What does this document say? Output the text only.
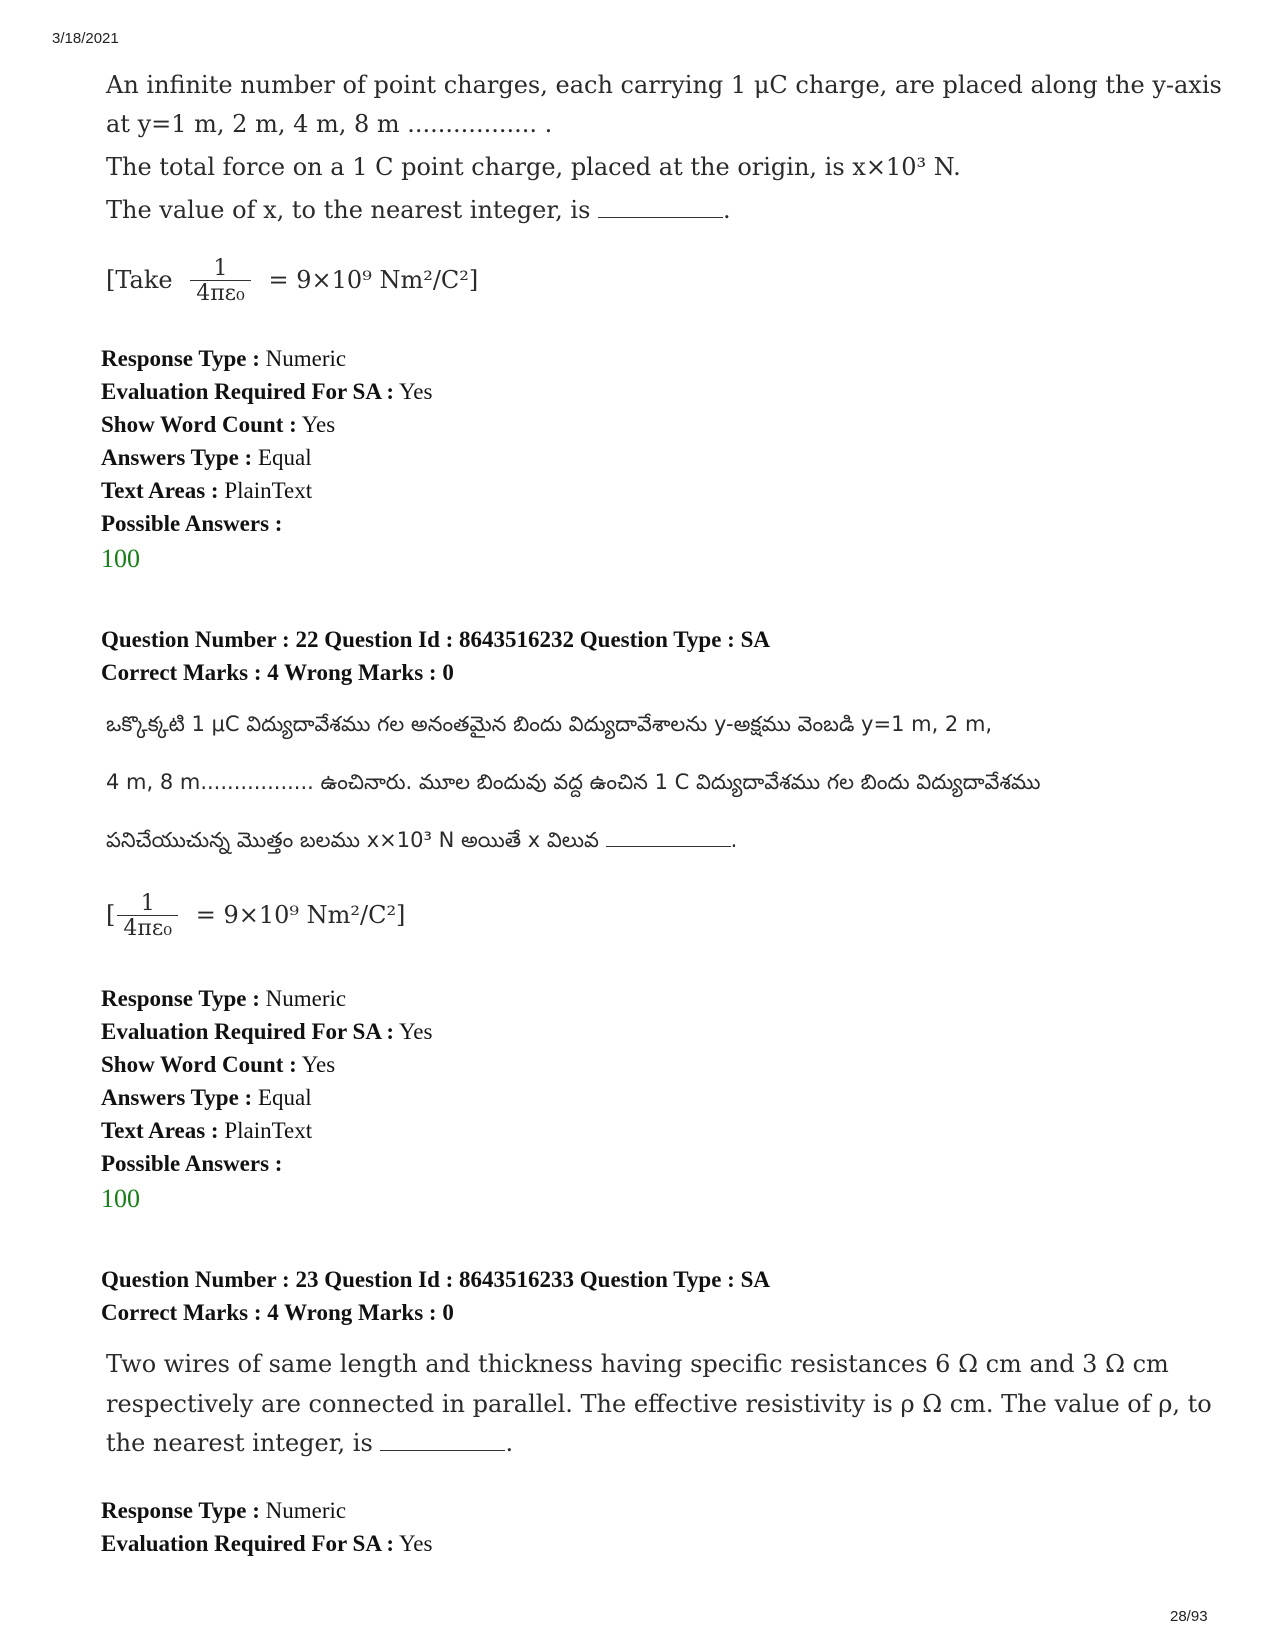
3/18/2021
28/93
An infinite number of point charges, each carrying 1 μC charge, are placed along the y-axis
at y=1 m, 2 m, 4 m, 8 m ................. .
The total force on a 1 C point charge, placed at the origin, is x×10³ N.
The value of x, to the nearest integer, is	.
[Take $\frac{1}{\text{4πε₀}} = 9\times 10^9$ Nm²/C²]
Response Type : Numeric
Evaluation Required For SA : Yes
Show Word Count : Yes
Answers Type : Equal
Text Areas : PlainText
Possible Answers :
100
Question Number : 22 Question Id : 8643516232 Question Type : SA
Correct Marks : 4 Wrong Marks : 0
ఒక్కొక్కటి 1 μC విద్యుదావేశము గల అనంతమైన బిందు విద్యుదావేశాలను y-అక్షము వెంబడి y=1 m, 2 m,
4 m, 8 m................. ఉంచినారు. మూల బిందువు వద్ద ఉంచిన 1 C విద్యుదావేశము గల బిందు విద్యుదావేశము
పనిచేయుచున్న మొత్తం బలము x×10³ N అయితే x విలువ	.
[ $\frac{1}{\text{4πε₀}} = 9\times 10^9$ Nm²/C²]
Response Type : Numeric
Evaluation Required For SA : Yes
Show Word Count : Yes
Answers Type : Equal
Text Areas : PlainText
Possible Answers :
100
Question Number : 23 Question Id : 8643516233 Question Type : SA
Correct Marks : 4 Wrong Marks : 0
Two wires of same length and thickness having specific resistances 6 Ω cm and 3 Ω cm
respectively are connected in parallel. The effective resistivity is ρ Ω cm. The value of ρ, to
the nearest integer, is	.
Response Type : Numeric
Evaluation Required For SA : Yes
